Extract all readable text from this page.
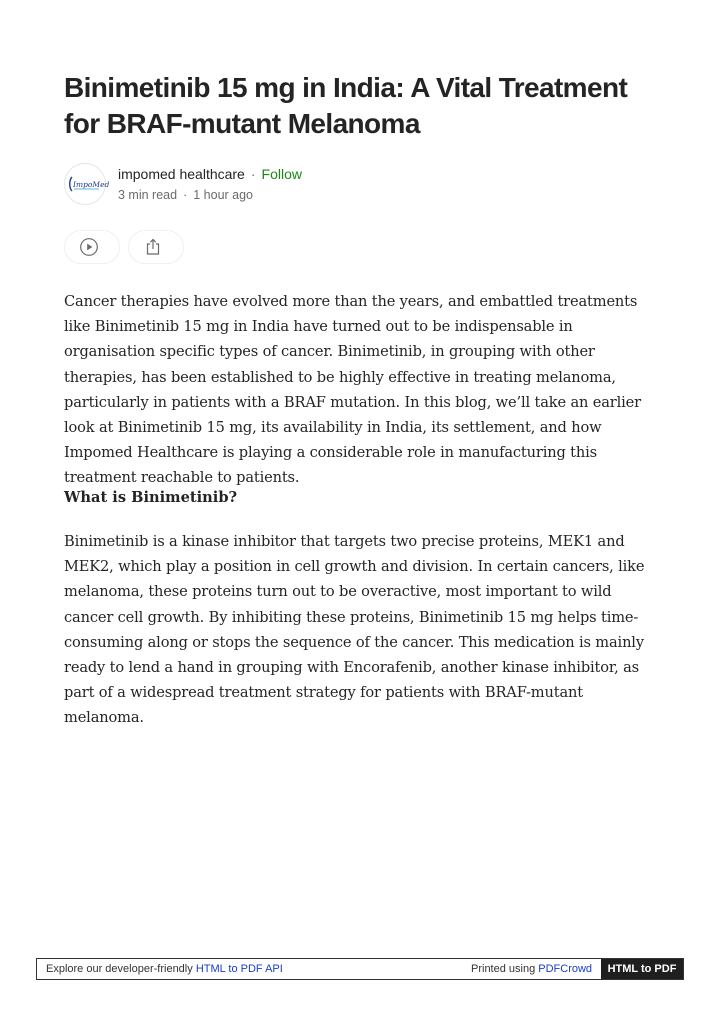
Binimetinib 15 mg in India: A Vital Treatment for BRAF-mutant Melanoma
ImpoMed
impomed healthcare · Follow
3 min read · 1 hour ago

Cancer therapies have evolved more than the years, and embattled treatments like Binimetinib 15 mg in India have turned out to be indispensable in organisation specific types of cancer. Binimetinib, in grouping with other therapies, has been established to be highly effective in treating melanoma, particularly in patients with a BRAF mutation. In this blog, we’ll take an earlier look at Binimetinib 15 mg, its availability in India, its settlement, and how Impomed Healthcare is playing a considerable role in manufacturing this treatment reachable to patients.

What is Binimetinib?

Binimetinib is a kinase inhibitor that targets two precise proteins, MEK1 and MEK2, which play a position in cell growth and division. In certain cancers, like melanoma, these proteins turn out to be overactive, most important to wild cancer cell growth. By inhibiting these proteins, Binimetinib 15 mg helps time-consuming along or stops the sequence of the cancer. This medication is mainly ready to lend a hand in grouping with Encorafenib, another kinase inhibitor, as part of a widespread treatment strategy for patients with BRAF-mutant melanoma.

Explore our developer-friendly HTML to PDF API	Printed using PDFCrowd	HTML to PDF
